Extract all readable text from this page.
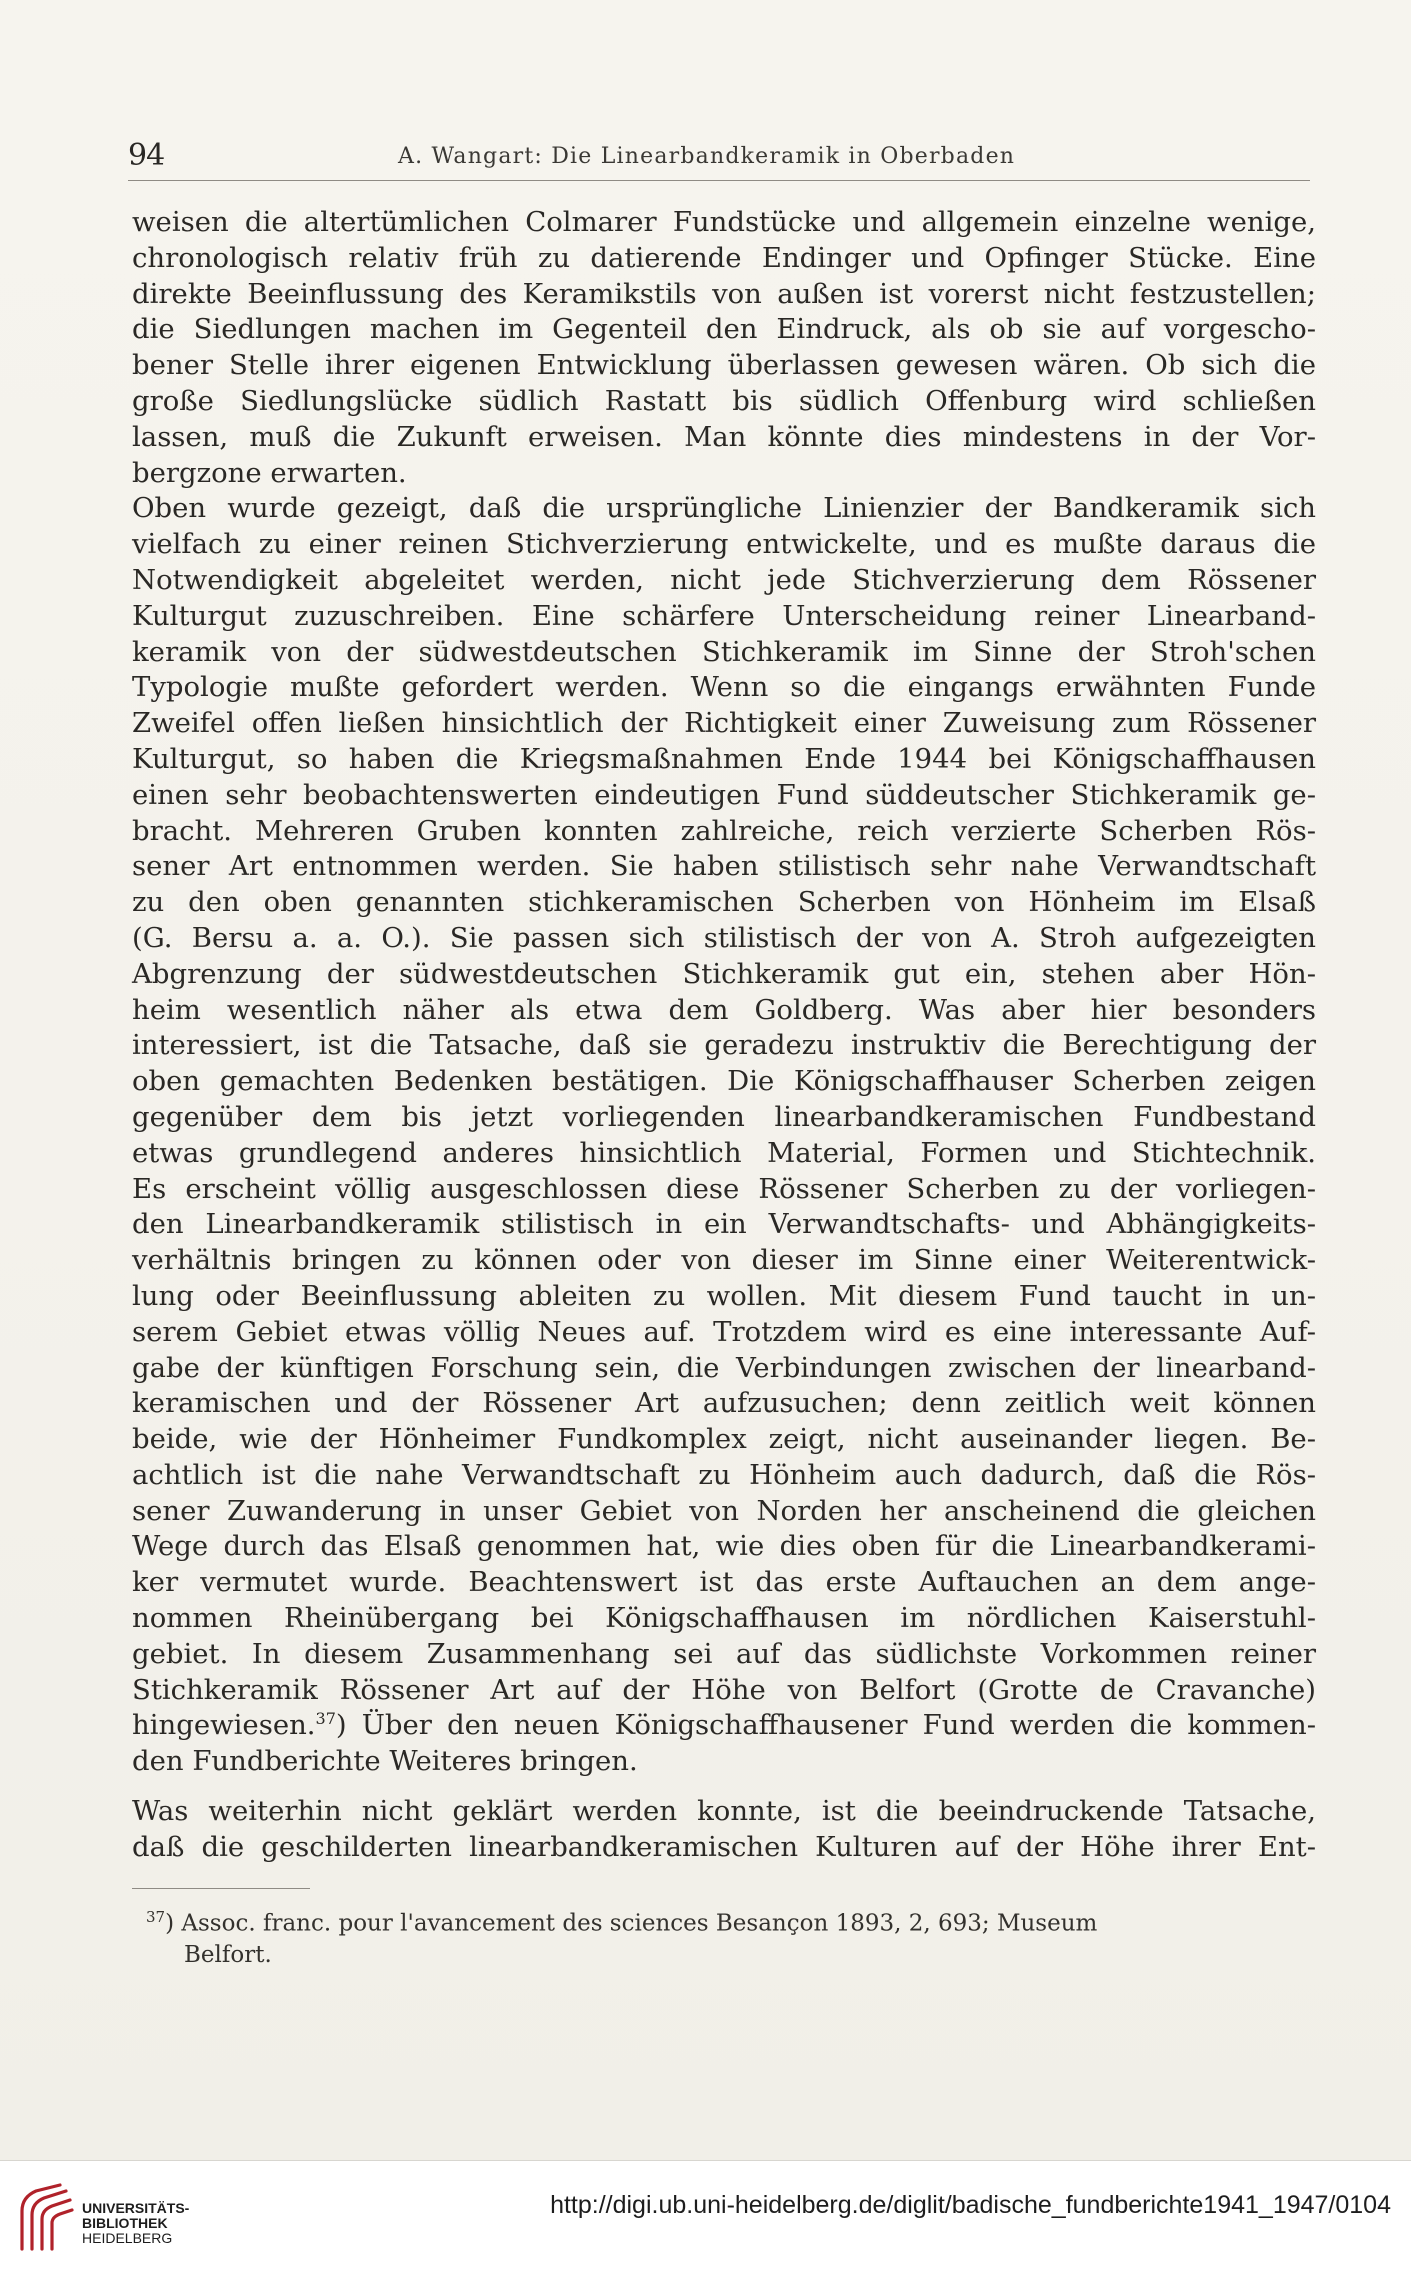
94	A. Wangart: Die Linearbandkeramik in Oberbaden
weisen die altertümlichen Colmarer Fundstücke und allgemein einzelne wenige,
chronologisch relativ früh zu datierende Endinger und Opfinger Stücke. Eine
direkte Beeinflussung des Keramikstils von außen ist vorerst nicht festzustellen;
die Siedlungen machen im Gegenteil den Eindruck, als ob sie auf vorgescho-
bener Stelle ihrer eigenen Entwicklung überlassen gewesen wären. Ob sich die
große Siedlungslücke südlich Rastatt bis südlich Offenburg wird schließen
lassen, muß die Zukunft erweisen. Man könnte dies mindestens in der Vor-
bergzone erwarten.
Oben wurde gezeigt, daß die ursprüngliche Linienzier der Bandkeramik sich
vielfach zu einer reinen Stichverzierung entwickelte, und es mußte daraus die
Notwendigkeit abgeleitet werden, nicht jede Stichverzierung dem Rössener
Kulturgut zuzuschreiben. Eine schärfere Unterscheidung reiner Linearband-
keramik von der südwestdeutschen Stichkeramik im Sinne der Stroh'schen
Typologie mußte gefordert werden. Wenn so die eingangs erwähnten Funde
Zweifel offen ließen hinsichtlich der Richtigkeit einer Zuweisung zum Rössener
Kulturgut, so haben die Kriegsmaßnahmen Ende 1944 bei Königschaffhausen
einen sehr beobachtenswerten eindeutigen Fund süddeutscher Stichkeramik ge-
bracht. Mehreren Gruben konnten zahlreiche, reich verzierte Scherben Rös-
sener Art entnommen werden. Sie haben stilistisch sehr nahe Verwandtschaft
zu den oben genannten stichkeramischen Scherben von Hönheim im Elsaß
(G. Bersu a. a. O.). Sie passen sich stilistisch der von A. Stroh aufgezeigten
Abgrenzung der südwestdeutschen Stichkeramik gut ein, stehen aber Hön-
heim wesentlich näher als etwa dem Goldberg. Was aber hier besonders
interessiert, ist die Tatsache, daß sie geradezu instruktiv die Berechtigung der
oben gemachten Bedenken bestätigen. Die Königschaffhauser Scherben zeigen
gegenüber dem bis jetzt vorliegenden linearbandkeramischen Fundbestand
etwas grundlegend anderes hinsichtlich Material, Formen und Stichtechnik.
Es erscheint völlig ausgeschlossen diese Rössener Scherben zu der vorliegen-
den Linearbandkeramik stilistisch in ein Verwandtschafts- und Abhängigkeits-
verhältnis bringen zu können oder von dieser im Sinne einer Weiterentwick-
lung oder Beeinflussung ableiten zu wollen. Mit diesem Fund taucht in un-
serem Gebiet etwas völlig Neues auf. Trotzdem wird es eine interessante Auf-
gabe der künftigen Forschung sein, die Verbindungen zwischen der linearband-
keramischen und der Rössener Art aufzusuchen; denn zeitlich weit können
beide, wie der Hönheimer Fundkomplex zeigt, nicht auseinander liegen. Be-
achtlich ist die nahe Verwandtschaft zu Hönheim auch dadurch, daß die Rös-
sener Zuwanderung in unser Gebiet von Norden her anscheinend die gleichen
Wege durch das Elsaß genommen hat, wie dies oben für die Linearbandkerami-
ker vermutet wurde. Beachtenswert ist das erste Auftauchen an dem ange-
nommen Rheinübergang bei Königschaffhausen im nördlichen Kaiserstuhl-
gebiet. In diesem Zusammenhang sei auf das südlichste Vorkommen reiner
Stichkeramik Rössener Art auf der Höhe von Belfort (Grotte de Cravanche)
hingewiesen.$^{37}$) Über den neuen Königschaffhausener Fund werden die kommen-
den Fundberichte Weiteres bringen.
Was weiterhin nicht geklärt werden konnte, ist die beeindruckende Tatsache,
daß die geschilderten linearbandkeramischen Kulturen auf der Höhe ihrer Ent-
$^{37}$) Assoc. franc. pour l'avancement des sciences Besançon 1893, 2, 693; Museum
Belfort.
UNIVERSITÄTS-
BIBLIOTHEK
HEIDELBERG
http://digi.ub.uni-heidelberg.de/diglit/badische_fundberichte1941_1947/0104
